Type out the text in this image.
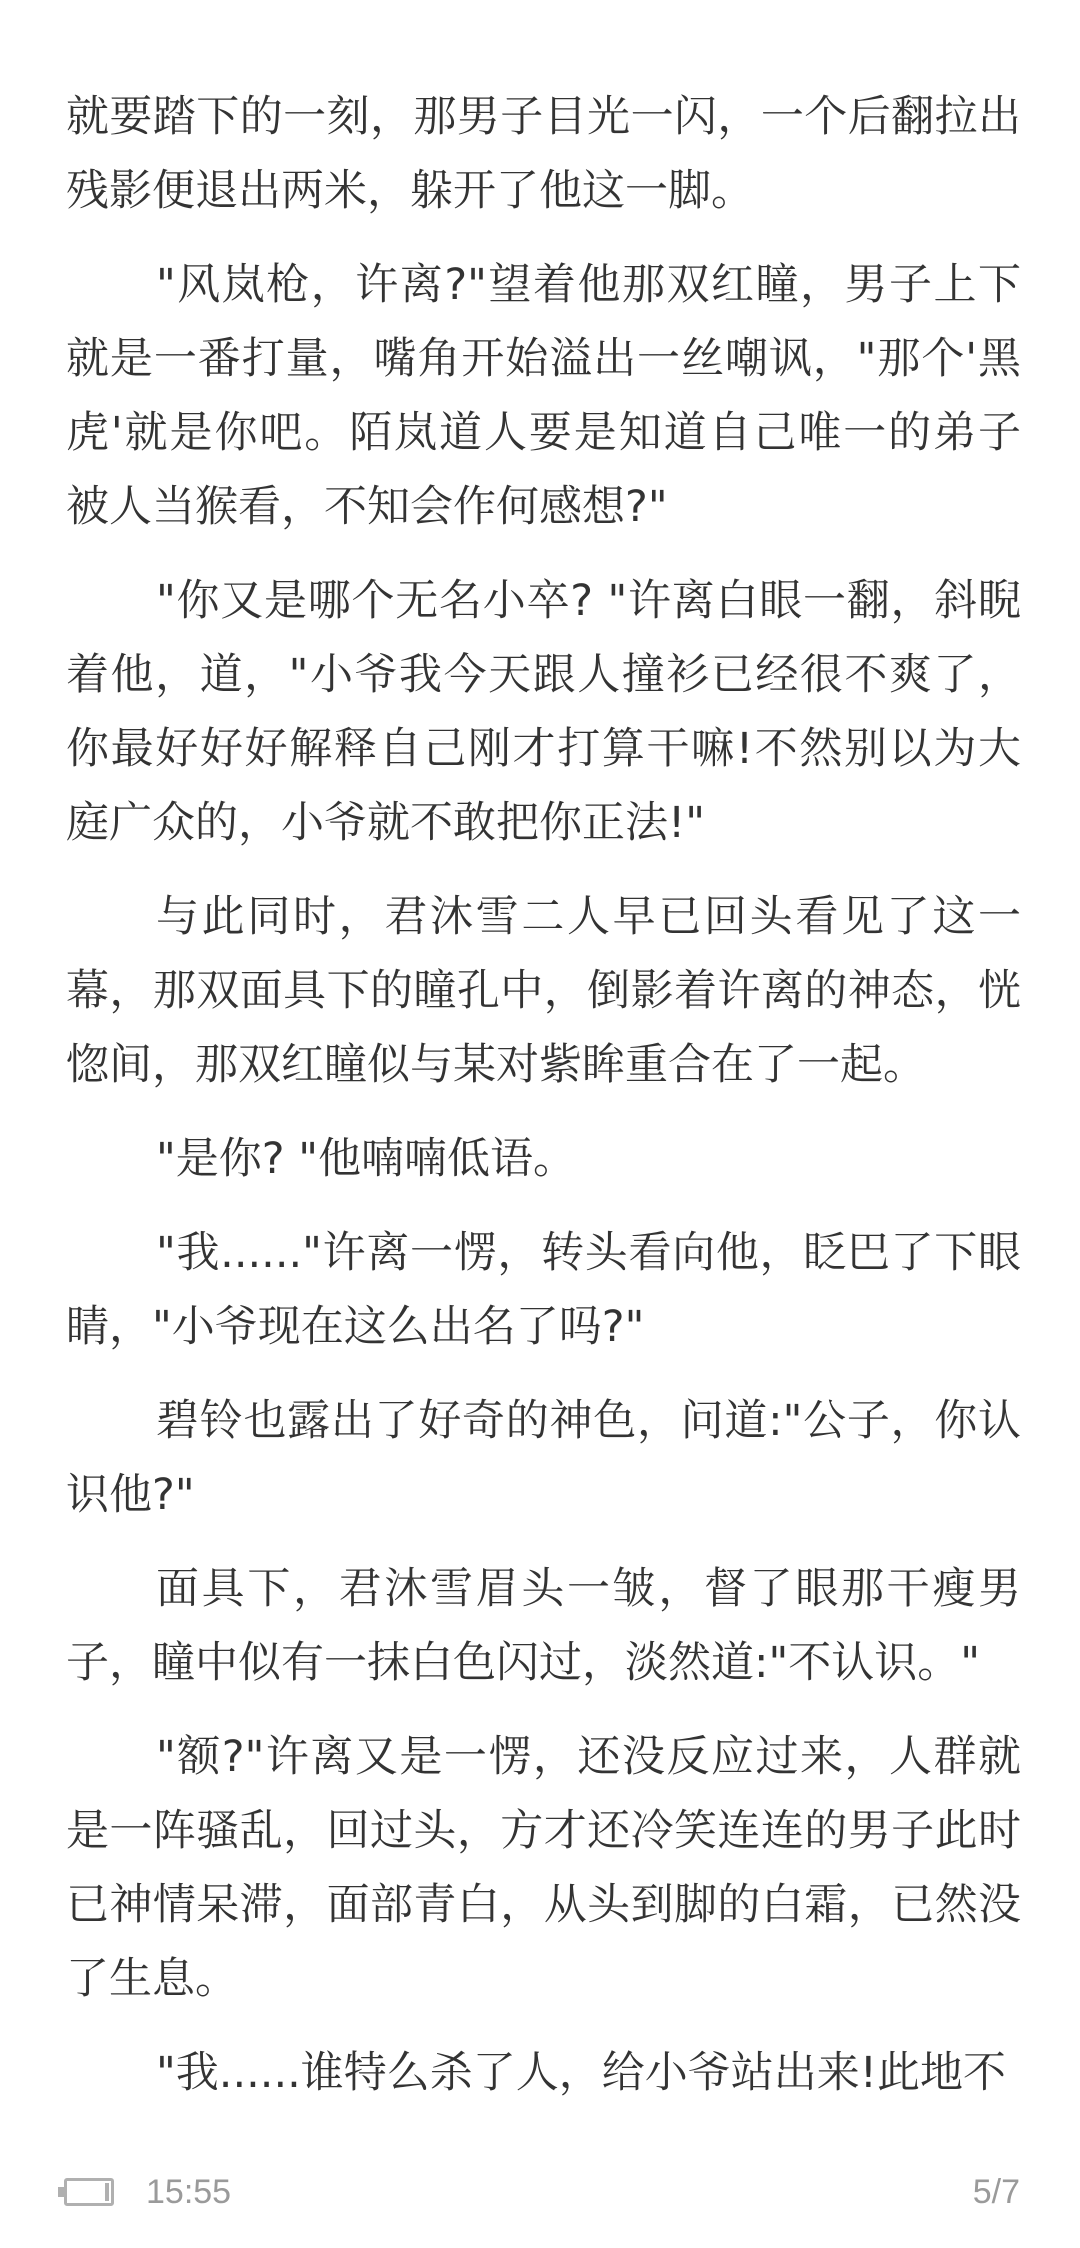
就要踏下的一刻，那男子目光一闪，一个后翻拉出残影便退出两米，躲开了他这一脚。

"风岚枪，许离?"望着他那双红瞳，男子上下就是一番打量，嘴角开始溢出一丝嘲讽，"那个'黑虎'就是你吧。陌岚道人要是知道自己唯一的弟子被人当猴看，不知会作何感想?"

"你又是哪个无名小卒? "许离白眼一翻，斜睨着他，道，"小爷我今天跟人撞衫已经很不爽了，你最好好好解释自己刚才打算干嘛!不然别以为大庭广众的，小爷就不敢把你正法!"

与此同时，君沐雪二人早已回头看见了这一幕，那双面具下的瞳孔中，倒影着许离的神态，恍惚间，那双红瞳似与某对紫眸重合在了一起。

"是你? "他喃喃低语。

"我......"许离一愣，转头看向他，眨巴了下眼睛，"小爷现在这么出名了吗?"

碧铃也露出了好奇的神色，问道:"公子，你认识他?"

面具下，君沐雪眉头一皱，督了眼那干瘦男子，瞳中似有一抹白色闪过，淡然道:"不认识。"

"额?"许离又是一愣，还没反应过来，人群就是一阵骚乱，回过头，方才还冷笑连连的男子此时已神情呆滞，面部青白，从头到脚的白霜，已然没了生息。

"我......谁特么杀了人，给小爷站出来!此地不

15:55	5/7
